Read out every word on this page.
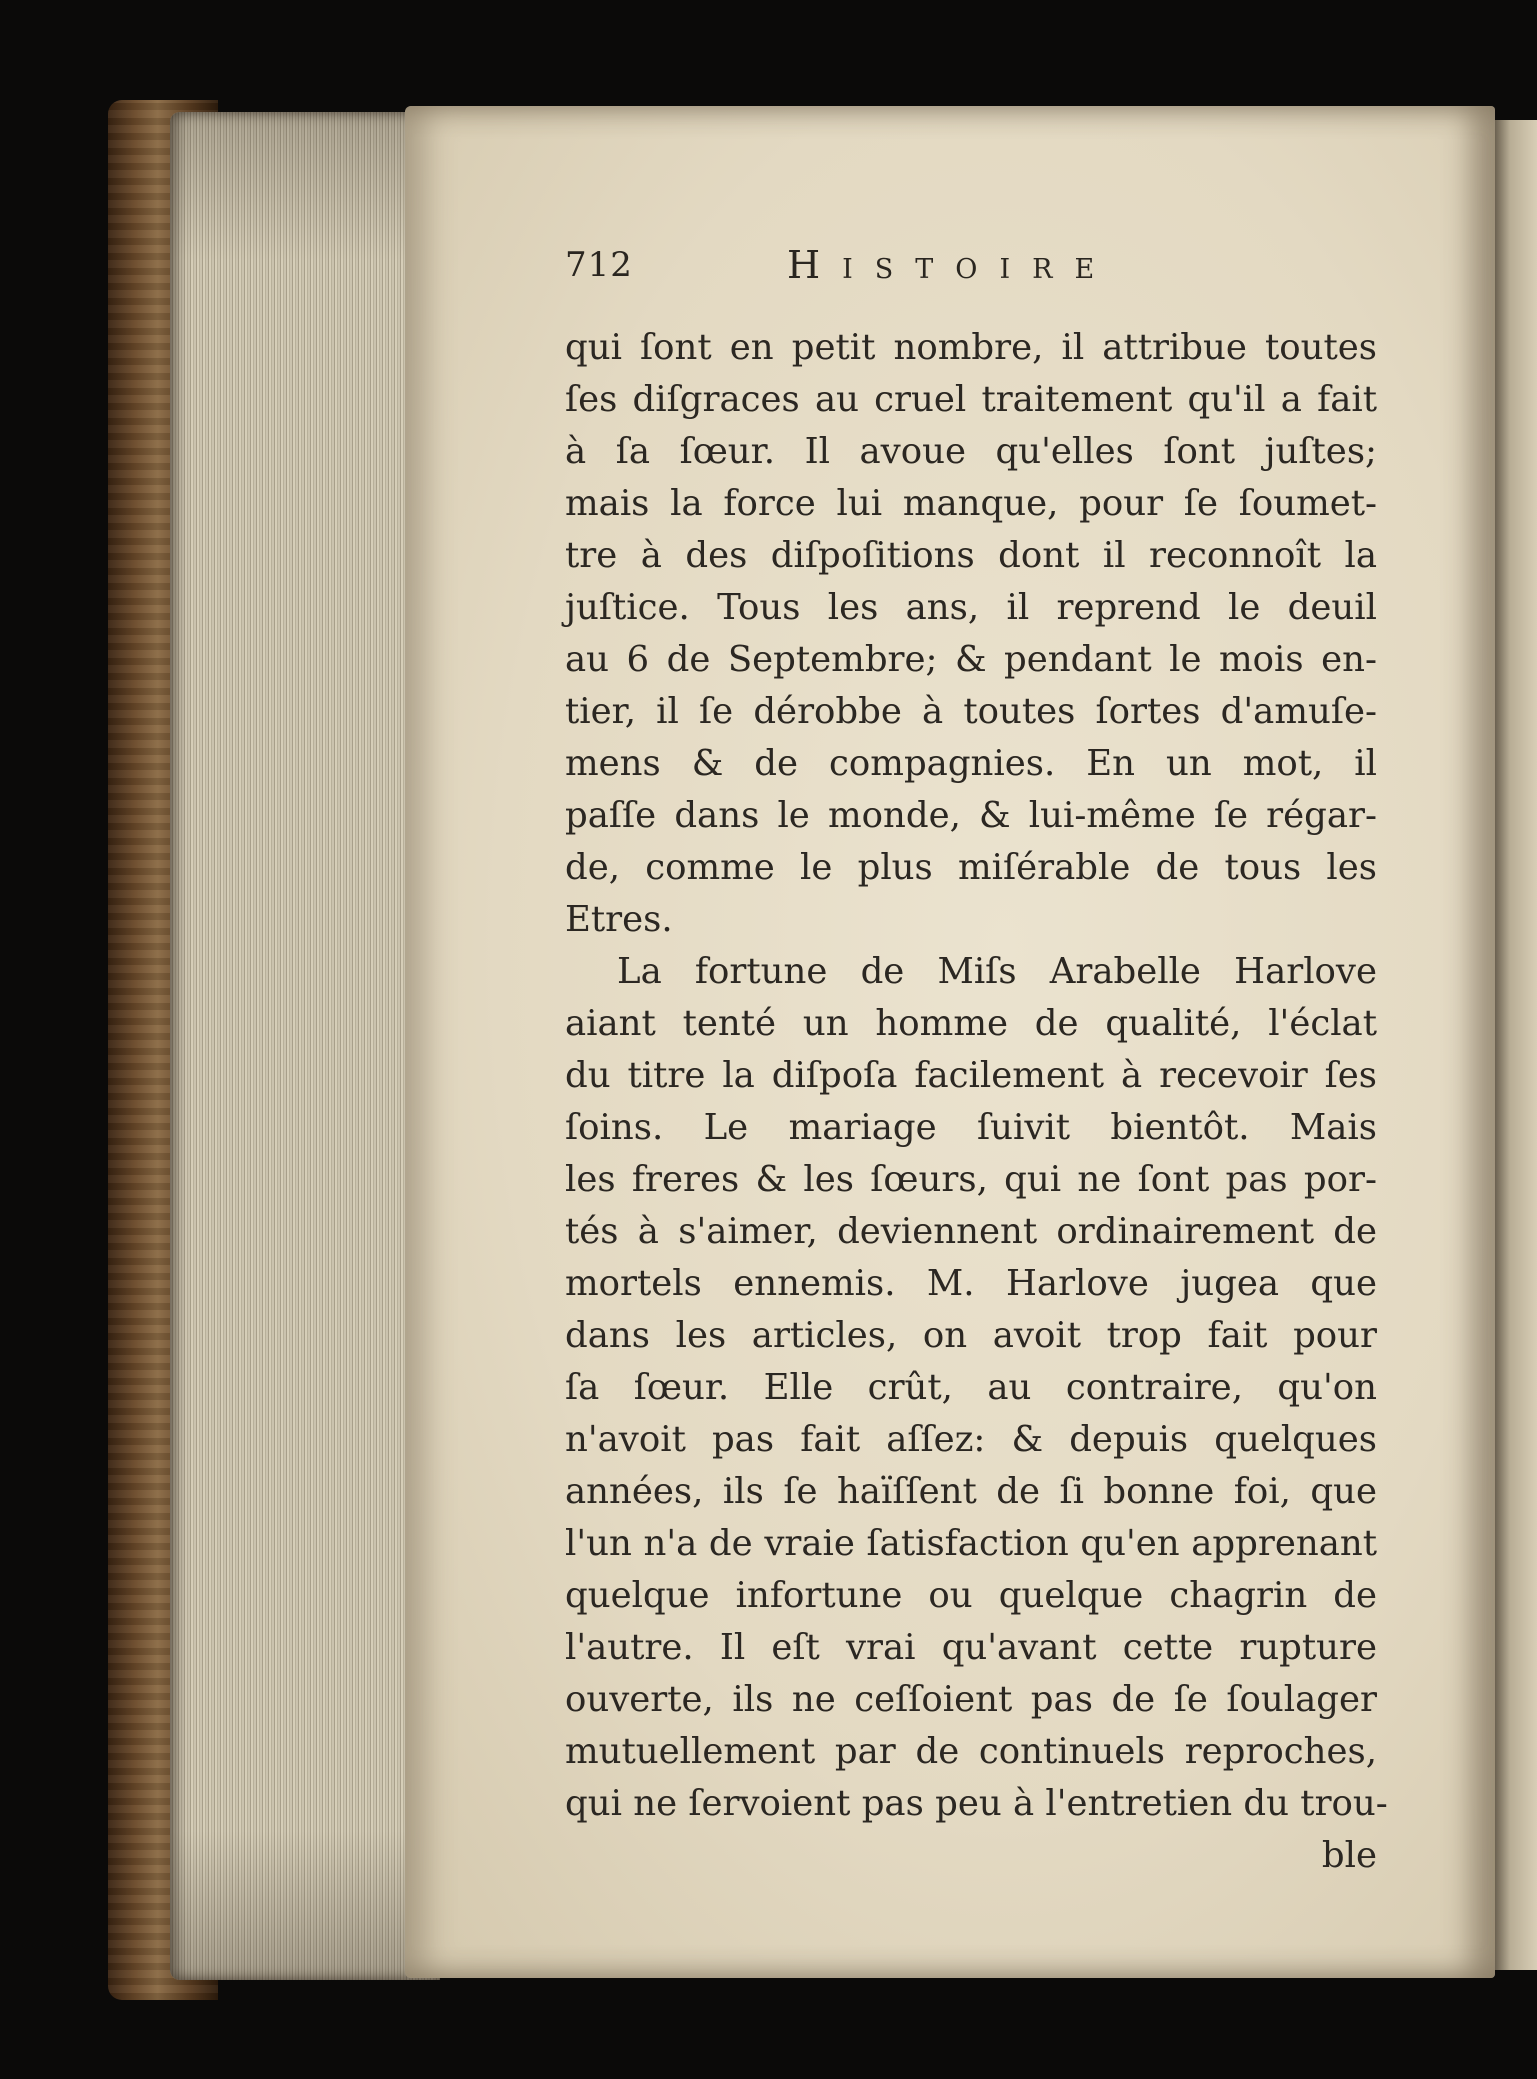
712	Histoire
qui ſont en petit nombre, il attribue toutes
ſes diſgraces au cruel traitement qu'il a fait
à ſa ſœur. Il avoue qu'elles ſont juſtes;
mais la force lui manque, pour ſe ſoumet-
tre à des diſpoſitions dont il reconnoît la
juſtice. Tous les ans, il reprend le deuil
au 6 de Septembre; & pendant le mois en-
tier, il ſe dérobbe à toutes ſortes d'amuſe-
mens & de compagnies. En un mot, il
paſſe dans le monde, & lui-même ſe régar-
de, comme le plus miſérable de tous les
Etres.
La fortune de Miſs Arabelle Harlove
aiant tenté un homme de qualité, l'éclat
du titre la diſpoſa facilement à recevoir ſes
ſoins. Le mariage ſuivit bientôt. Mais
les freres & les ſœurs, qui ne ſont pas por-
tés à s'aimer, deviennent ordinairement de
mortels ennemis. M. Harlove jugea que
dans les articles, on avoit trop fait pour
ſa ſœur. Elle crût, au contraire, qu'on
n'avoit pas fait aſſez: & depuis quelques
années, ils ſe haïſſent de ſi bonne foi, que
l'un n'a de vraie ſatisfaction qu'en apprenant
quelque infortune ou quelque chagrin de
l'autre. Il eſt vrai qu'avant cette rupture
ouverte, ils ne ceſſoient pas de ſe ſoulager
mutuellement par de continuels reproches,
qui ne ſervoient pas peu à l'entretien du trou-
ble
